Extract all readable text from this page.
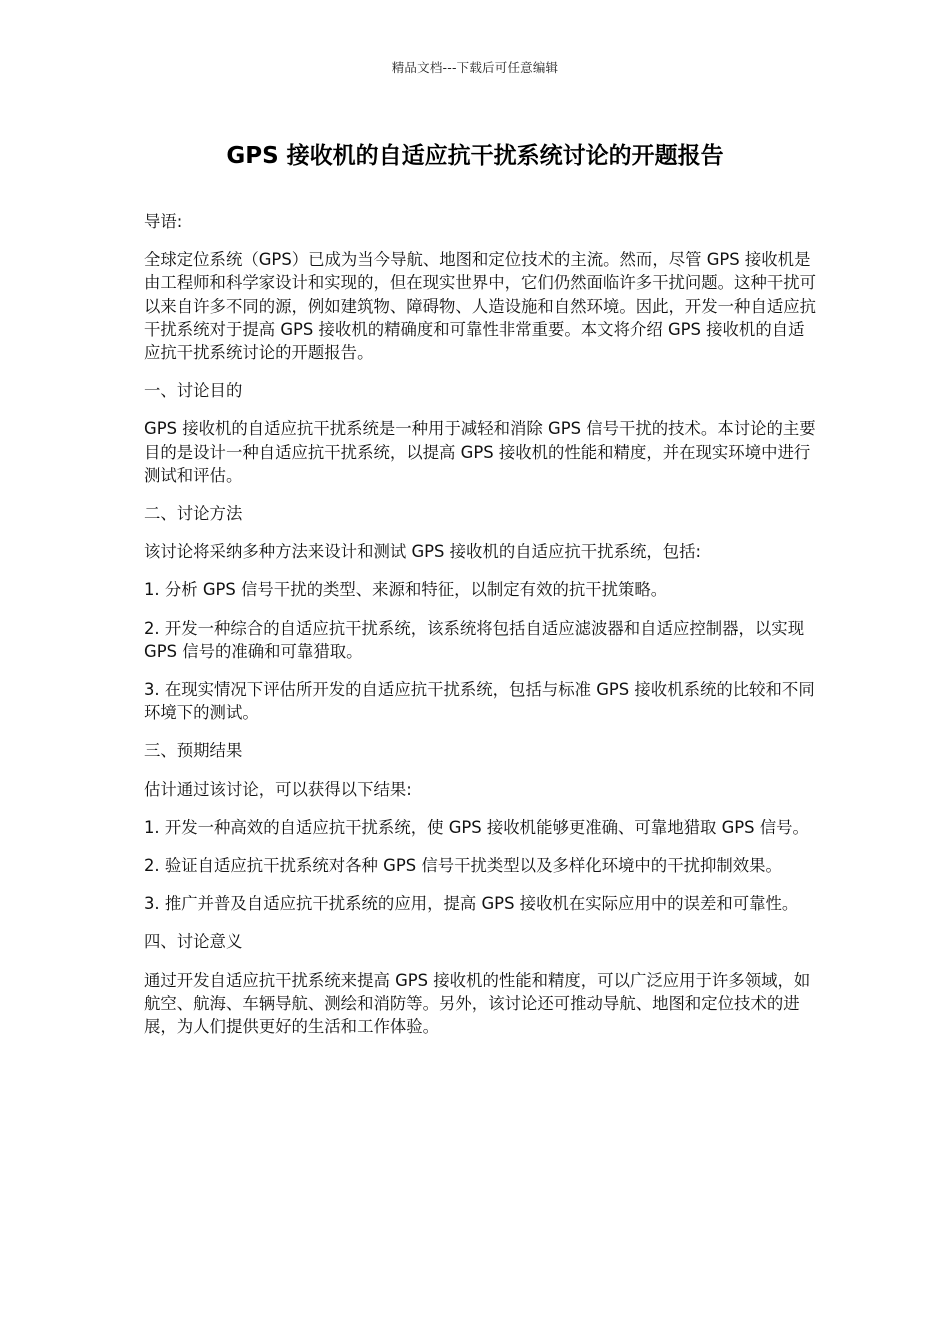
精品文档---下载后可任意编辑
GPS 接收机的自适应抗干扰系统讨论的开题报告

导语:

全球定位系统（GPS）已成为当今导航、地图和定位技术的主流。然而，尽管 GPS 接收机是由工程师和科学家设计和实现的，但在现实世界中，它们仍然面临许多干扰问题。这种干扰可以来自许多不同的源，例如建筑物、障碍物、人造设施和自然环境。因此，开发一种自适应抗干扰系统对于提高 GPS 接收机的精确度和可靠性非常重要。本文将介绍 GPS 接收机的自适应抗干扰系统讨论的开题报告。

一、讨论目的

GPS 接收机的自适应抗干扰系统是一种用于减轻和消除 GPS 信号干扰的技术。本讨论的主要目的是设计一种自适应抗干扰系统，以提高 GPS 接收机的性能和精度，并在现实环境中进行测试和评估。

二、讨论方法

该讨论将采纳多种方法来设计和测试 GPS 接收机的自适应抗干扰系统，包括:

1. 分析 GPS 信号干扰的类型、来源和特征，以制定有效的抗干扰策略。

2. 开发一种综合的自适应抗干扰系统，该系统将包括自适应滤波器和自适应控制器，以实现 GPS 信号的准确和可靠猎取。

3. 在现实情况下评估所开发的自适应抗干扰系统，包括与标准 GPS 接收机系统的比较和不同环境下的测试。

三、预期结果

估计通过该讨论，可以获得以下结果:

1. 开发一种高效的自适应抗干扰系统，使 GPS 接收机能够更准确、可靠地猎取 GPS 信号。

2. 验证自适应抗干扰系统对各种 GPS 信号干扰类型以及多样化环境中的干扰抑制效果。

3. 推广并普及自适应抗干扰系统的应用，提高 GPS 接收机在实际应用中的误差和可靠性。

四、讨论意义

通过开发自适应抗干扰系统来提高 GPS 接收机的性能和精度，可以广泛应用于许多领域，如航空、航海、车辆导航、测绘和消防等。另外，该讨论还可推动导航、地图和定位技术的进展，为人们提供更好的生活和工作体验。
